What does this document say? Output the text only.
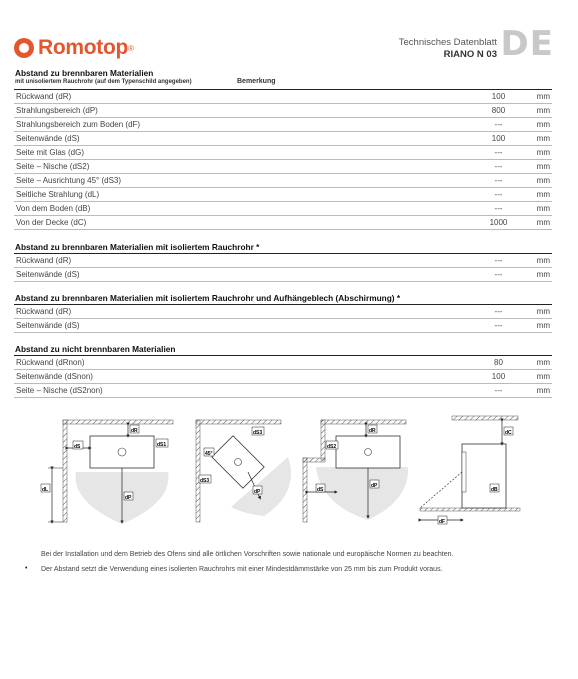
Romotop ®	Technisches Datenblatt
RIANO N 03 DE
Abstand zu brennbaren Materialien
mit unisoliertem Rauchrohr (auf dem Typenschild angegeben)	Bemerkung
Rückwand (dR)	100	mm
Strahlungsbereich (dP)	800	mm
Strahlungsbereich zum Boden (dF)	---	mm
Seitenwände (dS)	100	mm
Seite mit Glas (dG)	---	mm
Seite – Nische (dS2)	---	mm
Seite – Ausrichtung 45° (dS3)	---	mm
Seitliche Strahlung (dL)	---	mm
Von dem Boden (dB)	---	mm
Von der Decke (dC)	1000	mm
Abstand zu brennbaren Materialien mit isoliertem Rauchrohr *
Rückwand (dR)	---	mm
Seitenwände (dS)	---	mm
Abstand zu brennbaren Materialien mit isoliertem Rauchrohr und Aufhängeblech (Abschirmung) *
Rückwand (dR)	---	mm
Seitenwände (dS)	---	mm
Abstand zu nicht brennbaren Materialien
Rückwand (dRnon)	80	mm
Seitenwände (dSnon)	100	mm
Seite – Nische (dS2non)	---	mm
dR
dS	dS1
dP
dL
dS3
45°
dS3
dP
dR
dS2
dS
dP
dC
dB
dF
Bei der Installation und dem Betrieb des Ofens sind alle örtlichen Vorschriften sowie nationale und europäische Normen zu beachten.
• Der Abstand setzt die Verwendung eines isolierten Rauchrohrs mit einer Mindestdämmstärke von 25 mm bis zum Produkt voraus.
